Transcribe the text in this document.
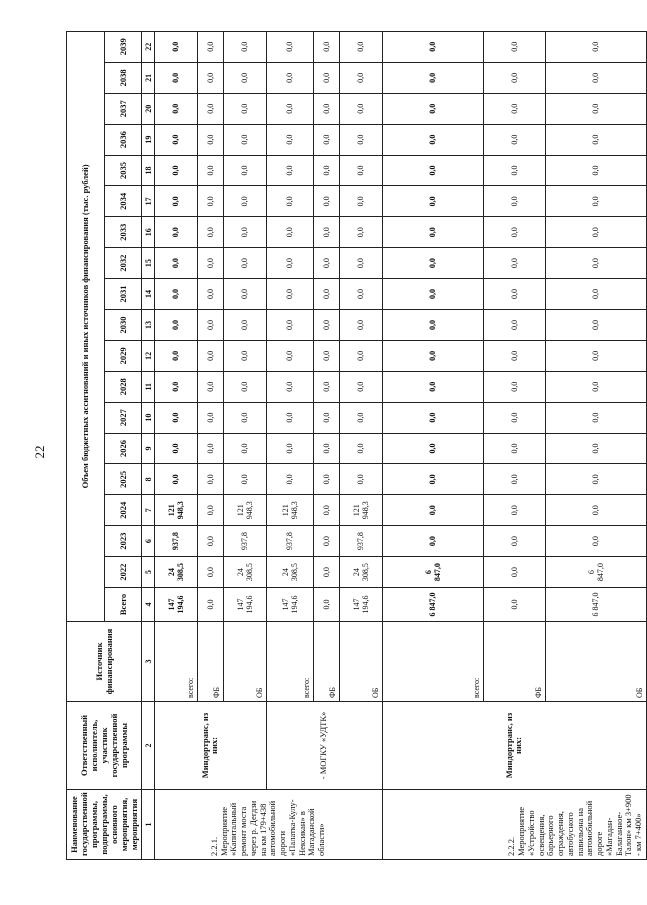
22
Наименование государственной программы, подпрограммы, основного мероприятия, мероприятия	Ответственный исполнитель, участник государственной программы	Источник финансирования	Объем бюджетных ассигнований и иных источников финансирования (тыс. рублей)																		
			Всего	2022	2023	2024	2025	2026	2027	2028	2029	2030	2031	2032	2033	2034	2035	2036	2037	2038	2039
1	2	3	4	5	6	7	8	9	10	11	12	13	14	15	16	17	18	19	20	21	22
2.2.1. Мероприятие «Капитальный ремонт моста через р. Дегдзи на км 179+438 автомобильной дороги «Палатка-Кулу-Нексикан» в Магаданской области»	Миндортранс, из них:	всего:	147 194,6	24 308,5	937,8	121 948,3	0,0	0,0	0,0	0,0	0,0	0,0	0,0	0,0	0,0	0,0	0,0	0,0	0,0	0,0	0,0
		ФБ	0,0	0,0	0,0	0,0	0,0	0,0	0,0	0,0	0,0	0,0	0,0	0,0	0,0	0,0	0,0	0,0	0,0	0,0	0,0
		ОБ	147 194,6	24 308,5	937,8	121 948,3	0,0	0,0	0,0	0,0	0,0	0,0	0,0	0,0	0,0	0,0	0,0	0,0	0,0	0,0	0,0
	- МОГКУ «УДТК»	всего:	147 194,6	24 308,5	937,8	121 948,3	0,0	0,0	0,0	0,0	0,0	0,0	0,0	0,0	0,0	0,0	0,0	0,0	0,0	0,0	0,0
		ФБ	0,0	0,0	0,0	0,0	0,0	0,0	0,0	0,0	0,0	0,0	0,0	0,0	0,0	0,0	0,0	0,0	0,0	0,0	0,0
		ОБ	147 194,6	24 308,5	937,8	121 948,3	0,0	0,0	0,0	0,0	0,0	0,0	0,0	0,0	0,0	0,0	0,0	0,0	0,0	0,0	0,0
2.2.2. Мероприятие «Устройство освещения, барьерного ограждения, автобусного павильона на автомобильной дороге «Магадан-Балаганное-Талон» км 3+900 - км 7+400»	Миндортранс, из них:	всего:	6 847,0	6 847,0	0,0	0,0	0,0	0,0	0,0	0,0	0,0	0,0	0,0	0,0	0,0	0,0	0,0	0,0	0,0	0,0	0,0
		ФБ	0,0	0,0	0,0	0,0	0,0	0,0	0,0	0,0	0,0	0,0	0,0	0,0	0,0	0,0	0,0	0,0	0,0	0,0	0,0
		ОБ	6 847,0	6 847,0	0,0	0,0	0,0	0,0	0,0	0,0	0,0	0,0	0,0	0,0	0,0	0,0	0,0	0,0	0,0	0,0	0,0
